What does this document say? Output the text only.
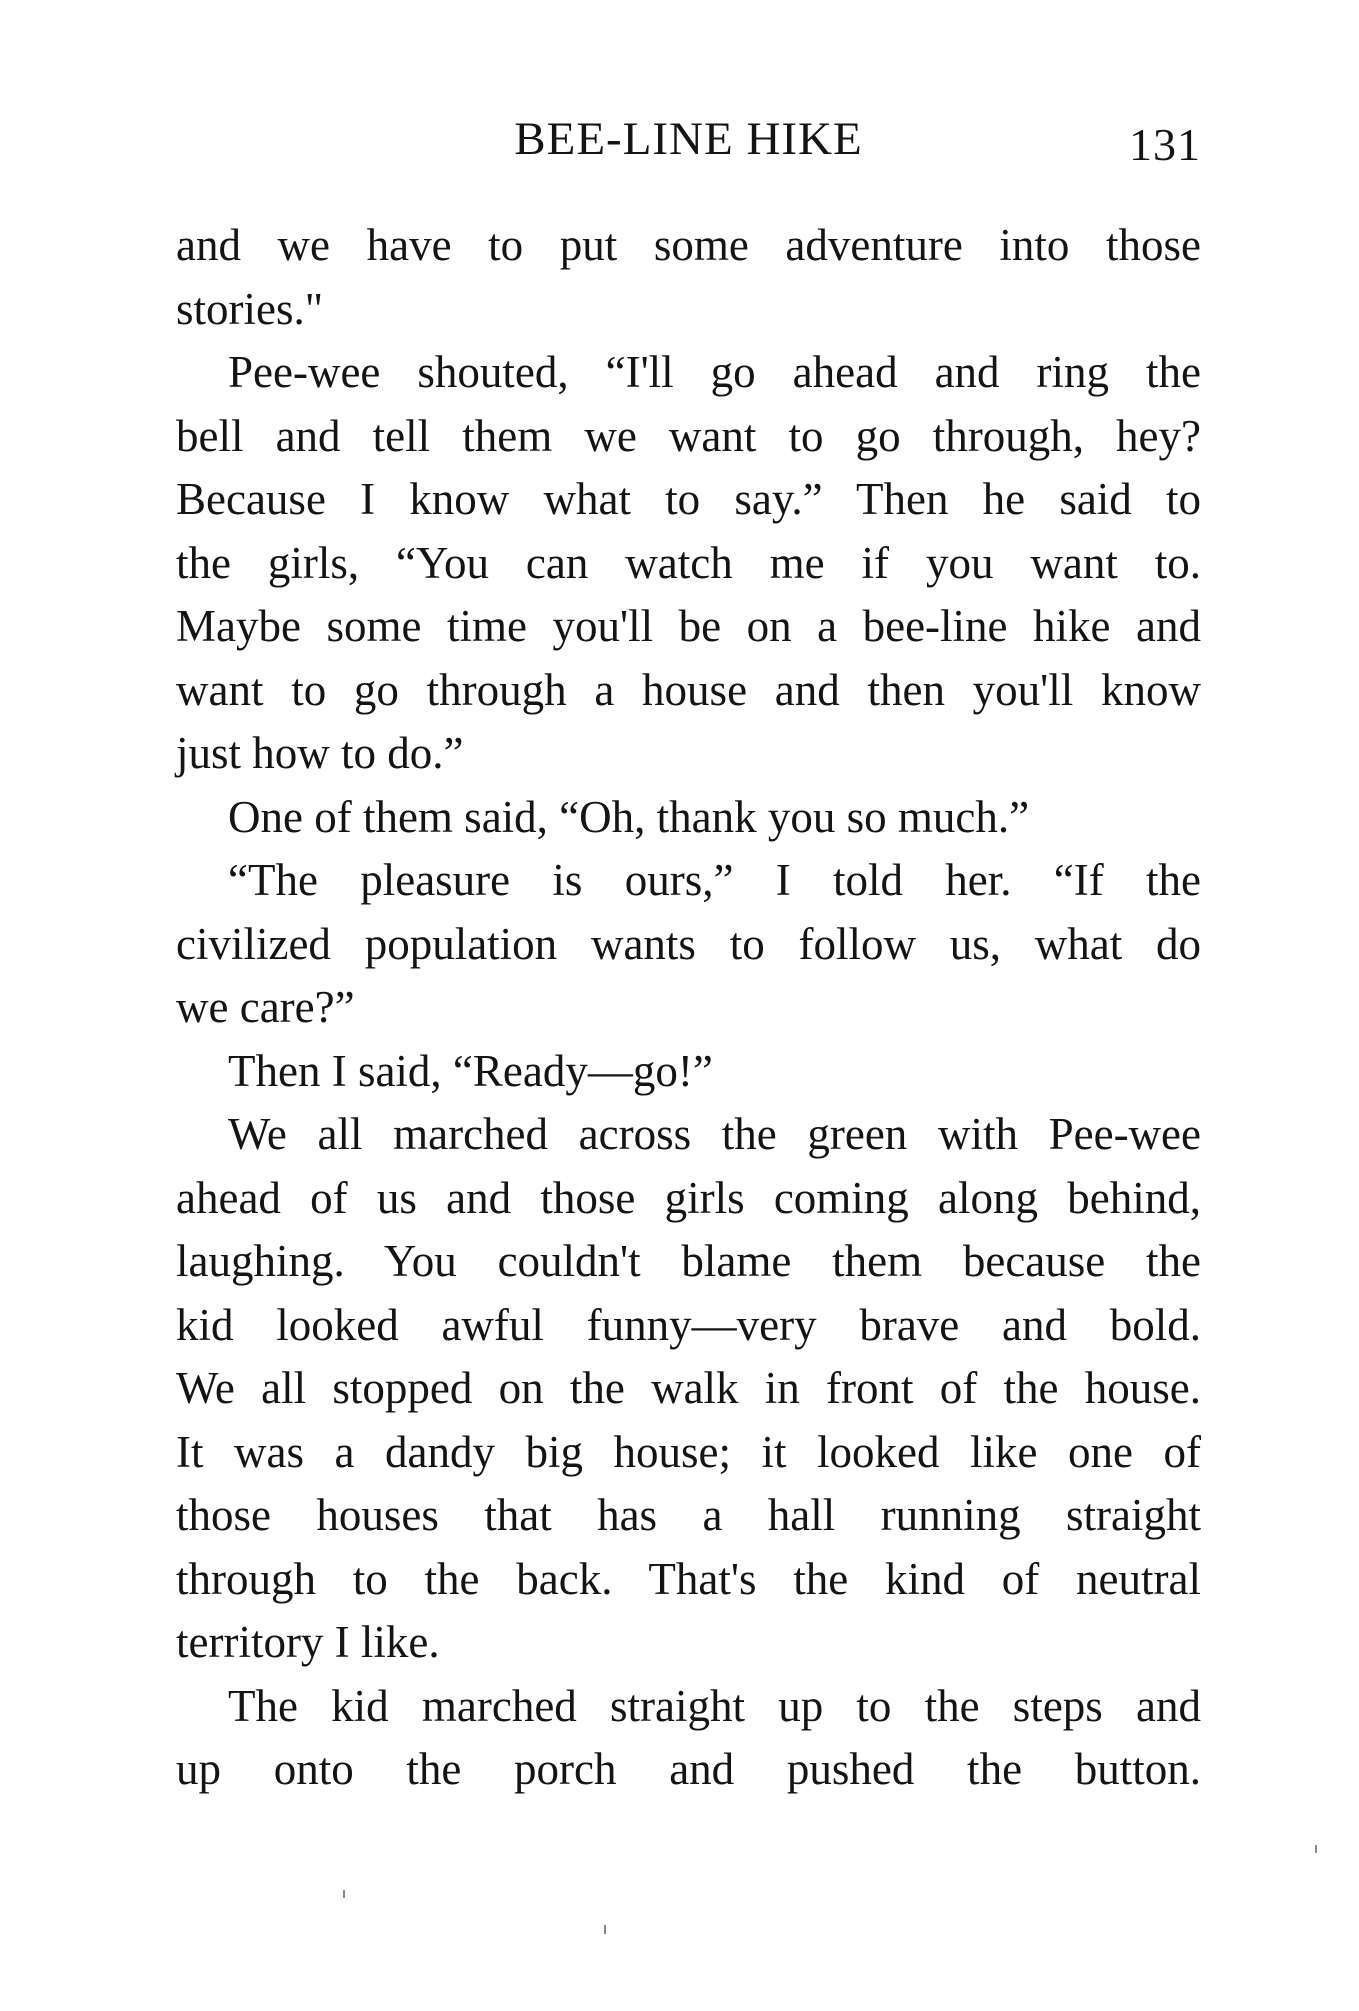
BEE-LINE HIKE	131
and we have to put some adventure into those
stories."
Pee-wee shouted, “I'll go ahead and ring the
bell and tell them we want to go through, hey?
Because I know what to say.” Then he said to
the girls, “You can watch me if you want to.
Maybe some time you'll be on a bee-line hike and
want to go through a house and then you'll know
just how to do.”
One of them said, “Oh, thank you so much.”
“The pleasure is ours,” I told her. “If the
civilized population wants to follow us, what do
we care?”
Then I said, “Ready—go!”
We all marched across the green with Pee-wee
ahead of us and those girls coming along behind,
laughing. You couldn't blame them because the
kid looked awful funny—very brave and bold.
We all stopped on the walk in front of the house.
It was a dandy big house; it looked like one of
those houses that has a hall running straight
through to the back. That's the kind of neutral
territory I like.
The kid marched straight up to the steps and
up onto the porch and pushed the button.
